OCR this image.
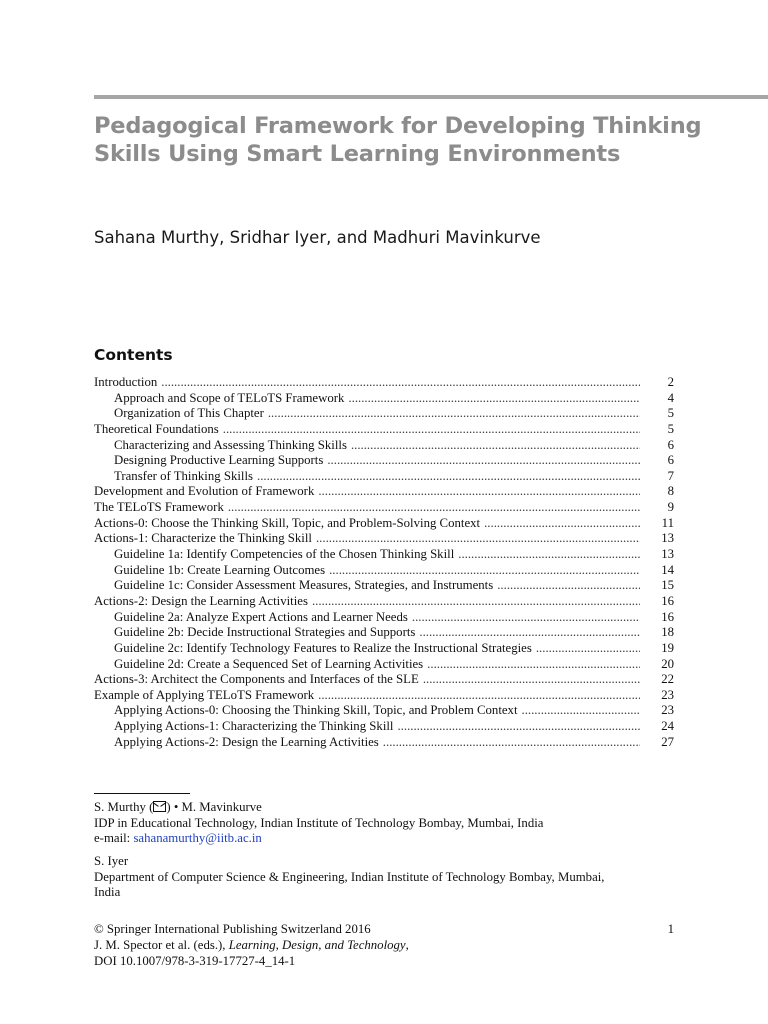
Pedagogical Framework for Developing Thinking Skills Using Smart Learning Environments

Sahana Murthy, Sridhar Iyer, and Madhuri Mavinkurve

Contents
Introduction . . .	2
Approach and Scope of TELoTS Framework . . .	4
Organization of This Chapter . . .	5
Theoretical Foundations . . .	5
Characterizing and Assessing Thinking Skills . . .	6
Designing Productive Learning Supports . . .	6
Transfer of Thinking Skills . . .	7
Development and Evolution of Framework . . .	8
The TELoTS Framework . . .	9
Actions-0: Choose the Thinking Skill, Topic, and Problem-Solving Context . . .	11
Actions-1: Characterize the Thinking Skill . . .	13
Guideline 1a: Identify Competencies of the Chosen Thinking Skill . . .	13
Guideline 1b: Create Learning Outcomes . . .	14
Guideline 1c: Consider Assessment Measures, Strategies, and Instruments . . .	15
Actions-2: Design the Learning Activities . . .	16
Guideline 2a: Analyze Expert Actions and Learner Needs . . .	16
Guideline 2b: Decide Instructional Strategies and Supports . . .	18
Guideline 2c: Identify Technology Features to Realize the Instructional Strategies . . .	19
Guideline 2d: Create a Sequenced Set of Learning Activities . . .	20
Actions-3: Architect the Components and Interfaces of the SLE . . .	22
Example of Applying TELoTS Framework . . .	23
Applying Actions-0: Choosing the Thinking Skill, Topic, and Problem Context . . .	23
Applying Actions-1: Characterizing the Thinking Skill . . .	24
Applying Actions-2: Design the Learning Activities . . .	27

S. Murthy ( ) • M. Mavinkurve

IDP in Educational Technology, Indian Institute of Technology Bombay, Mumbai, India

e-mail: sahanamurthy@iitb.ac.in

S. Iyer

Department of Computer Science & Engineering, Indian Institute of Technology Bombay, Mumbai,

India

© Springer International Publishing Switzerland 2016

J. M. Spector et al. (eds.), Learning, Design, and Technology,

DOI 10.1007/978-3-319-17727-4_14-1

1
